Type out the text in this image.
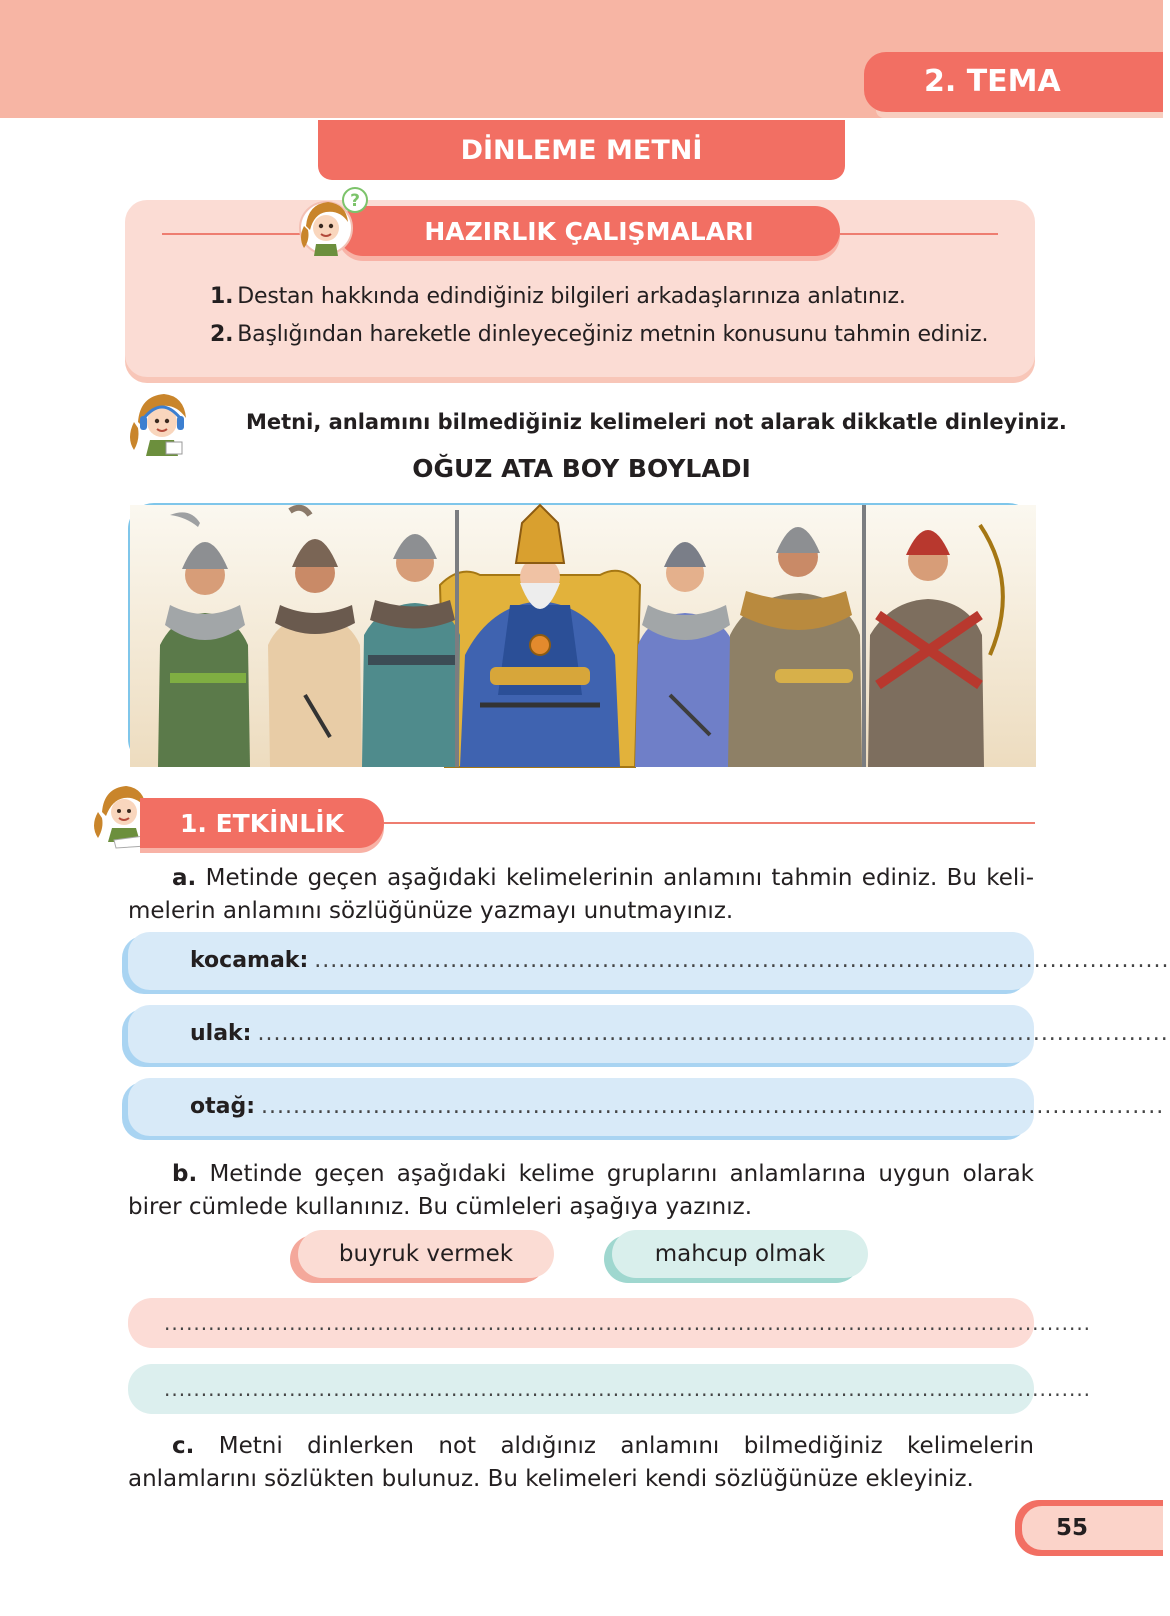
2. TEMA
DİNLEME METNİ
HAZIRLIK ÇALIŞMALARI
?
1. Destan hakkında edindiğiniz bilgileri arkadaşlarınıza anlatınız.
2. Başlığından hareketle dinleyeceğiniz metnin konusunu tahmin ediniz.
Metni, anlamını bilmediğiniz kelimeleri not alarak dikkatle dinleyiniz.
OĞUZ ATA BOY BOYLADI
1. ETKİNLİK
a. Metinde geçen aşağıdaki kelimelerinin anlamını tahmin ediniz. Bu keli-melerin anlamını sözlüğünüze yazmayı unutmayınız.
kocamak: ...........................................................................................................
ulak: ..................................................................................................................
otağ: .................................................................................................................
b. Metinde geçen aşağıdaki kelime gruplarını anlamlarına uygun olarak birer cümlede kullanınız. Bu cümleleri aşağıya yazınız.
buyruk vermek	mahcup olmak
..............................................................................................................................
..............................................................................................................................
c. Metni dinlerken not aldığınız anlamını bilmediğiniz kelimelerin anlamlarını sözlükten bulunuz. Bu kelimeleri kendi sözlüğünüze ekleyiniz.
55
